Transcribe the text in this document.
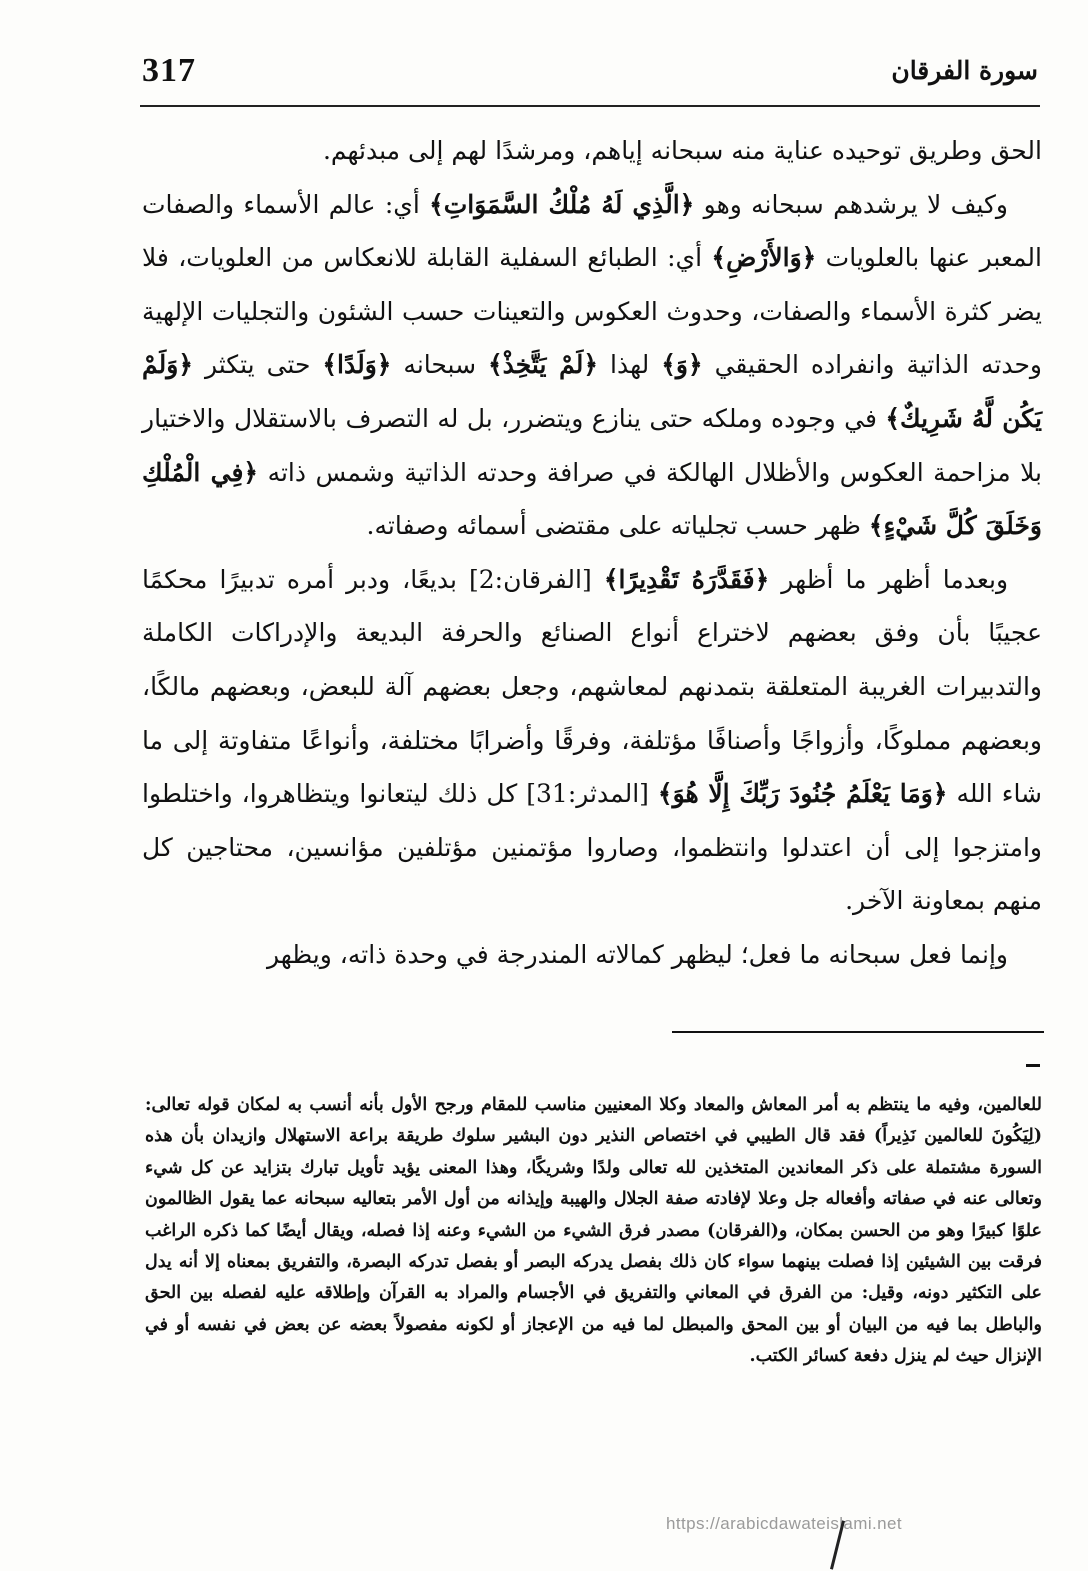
317	سورة الفرقان

الحق وطريق توحيده عناية منه سبحانه إياهم، ومرشدًا لهم إلى مبدئهم.

وكيف لا يرشدهم سبحانه وهو ﴿الَّذِي لَهُ مُلْكُ السَّمَوَاتِ﴾ أي: عالم الأسماء والصفات المعبر عنها بالعلويات ﴿وَالأَرْضِ﴾ أي: الطبائع السفلية القابلة للانعكاس من العلويات، فلا يضر كثرة الأسماء والصفات، وحدوث العكوس والتعينات حسب الشئون والتجليات الإلهية وحدته الذاتية وانفراده الحقيقي ﴿وَ﴾ لهذا ﴿لَمْ يَتَّخِذْ﴾ سبحانه ﴿وَلَدًا﴾ حتى يتكثر ﴿وَلَمْ يَكُن لَّهُ شَرِيكٌ﴾ في وجوده وملكه حتى ينازع ويتضرر، بل له التصرف بالاستقلال والاختيار بلا مزاحمة العكوس والأظلال الهالكة في صرافة وحدته الذاتية وشمس ذاته ﴿فِي الْمُلْكِ وَخَلَقَ كُلَّ شَيْءٍ﴾ ظهر حسب تجلياته على مقتضى أسمائه وصفاته.

وبعدما أظهر ما أظهر ﴿فَقَدَّرَهُ تَقْدِيرًا﴾ [الفرقان:2] بديعًا، ودبر أمره تدبيرًا محكمًا عجيبًا بأن وفق بعضهم لاختراع أنواع الصنائع والحرفة البديعة والإدراكات الكاملة والتدبيرات الغريبة المتعلقة بتمدنهم لمعاشهم، وجعل بعضهم آلة للبعض، وبعضهم مالكًا، وبعضهم مملوكًا، وأزواجًا وأصنافًا مؤتلفة، وفرقًا وأضرابًا مختلفة، وأنواعًا متفاوتة إلى ما شاء الله ﴿وَمَا يَعْلَمُ جُنُودَ رَبِّكَ إِلَّا هُوَ﴾ [المدثر:31] كل ذلك ليتعانوا ويتظاهروا، واختلطوا وامتزجوا إلى أن اعتدلوا وانتظموا، وصاروا مؤتمنين مؤتلفين مؤانسين، محتاجين كل منهم بمعاونة الآخر.

وإنما فعل سبحانه ما فعل؛ ليظهر كمالاته المندرجة في وحدة ذاته، ويظهر

للعالمين، وفيه ما ينتظم به أمر المعاش والمعاد وكلا المعنيين مناسب للمقام ورجح الأول بأنه أنسب به لمكان قوله تعالى: (لِيَكُونَ للعالمين نَذِيراً) فقد قال الطيبي في اختصاص النذير دون البشير سلوك طريقة براعة الاستهلال وازيدان بأن هذه السورة مشتملة على ذكر المعاندين المتخذين لله تعالى ولدًا وشريكًا، وهذا المعنى يؤيد تأويل تبارك بتزايد عن كل شيء وتعالى عنه في صفاته وأفعاله جل وعلا لإفادته صفة الجلال والهيبة وإيذانه من أول الأمر بتعاليه سبحانه عما يقول الظالمون علوًا كبيرًا وهو من الحسن بمكان، و(الفرقان) مصدر فرق الشيء من الشيء وعنه إذا فصله، ويقال أيضًا كما ذكره الراغب فرقت بين الشيئين إذا فصلت بينهما سواء كان ذلك بفصل يدركه البصر أو بفصل تدركه البصرة، والتفريق بمعناه إلا أنه يدل على التكثير دونه، وقيل: من الفرق في المعاني والتفريق في الأجسام والمراد به القرآن وإطلاقه عليه لفصله بين الحق والباطل بما فيه من البيان أو بين المحق والمبطل لما فيه من الإعجاز أو لكونه مفصولاً بعضه عن بعض في نفسه أو في الإنزال حيث لم ينزل دفعة كسائر الكتب.

https://arabicdawateislami.net
